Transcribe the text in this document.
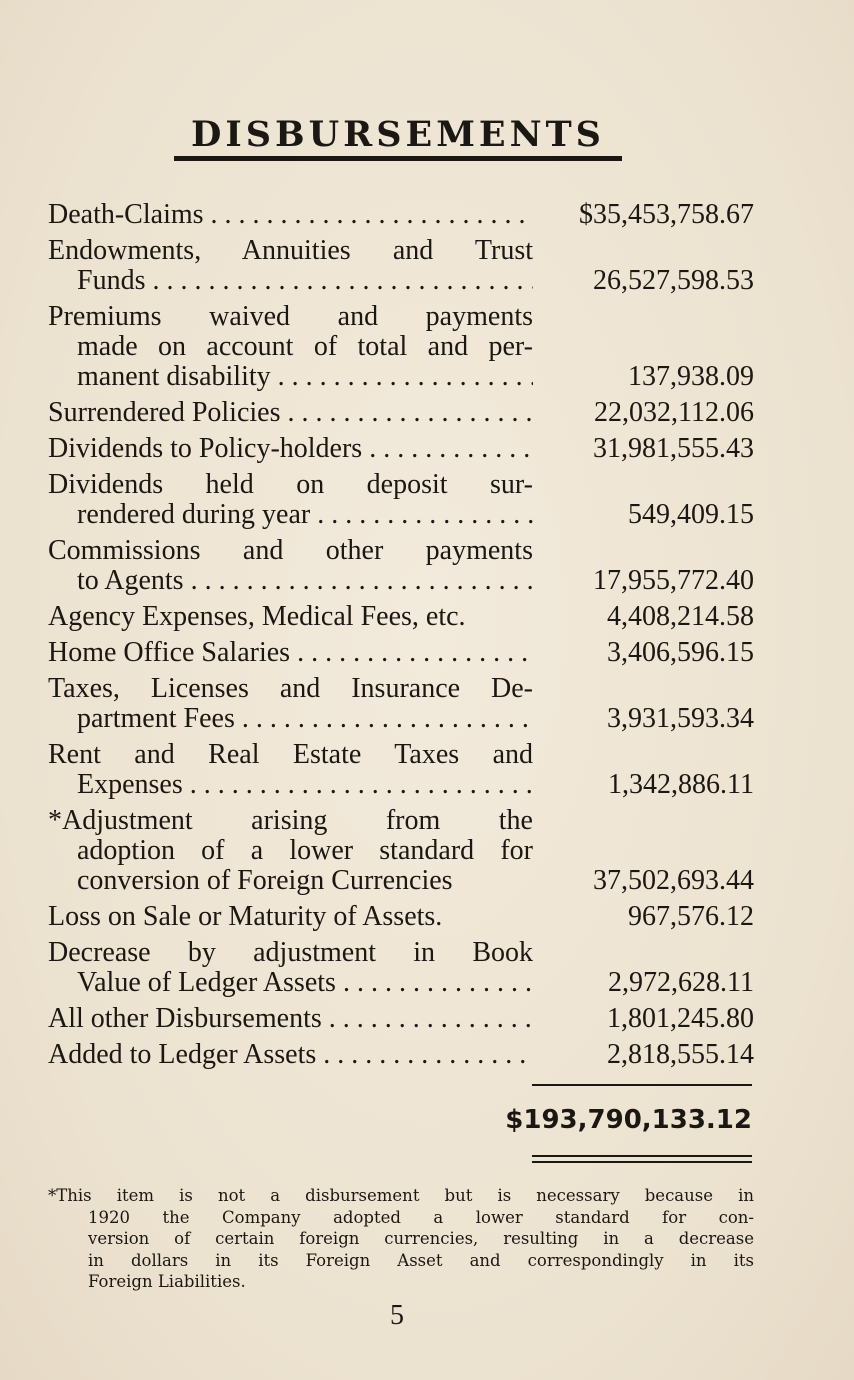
DISBURSEMENTS
Death-Claims . . .	$35,453,758.67
Endowments, Annuities and Trust
Funds . . .	26,527,598.53
Premiums waived and payments
made on account of total and per-
manent disability . . .	137,938.09
Surrendered Policies . . .	22,032,112.06
Dividends to Policy-holders . . .	31,981,555.43
Dividends held on deposit sur-
rendered during year . . .	549,409.15
Commissions and other payments
to Agents . . .	17,955,772.40
Agency Expenses, Medical Fees, etc.	4,408,214.58
Home Office Salaries . . .	3,406,596.15
Taxes, Licenses and Insurance De-
partment Fees . . .	3,931,593.34
Rent and Real Estate Taxes and
Expenses . . .	1,342,886.11
*Adjustment arising from the
adoption of a lower standard for
conversion of Foreign Currencies	37,502,693.44
Loss on Sale or Maturity of Assets.	967,576.12
Decrease by adjustment in Book
Value of Ledger Assets . . .	2,972,628.11
All other Disbursements . . .	1,801,245.80
Added to Ledger Assets . . .	2,818,555.14
$193,790,133.12
*This item is not a disbursement but is necessary because in
1920 the Company adopted a lower standard for con-
version of certain foreign currencies, resulting in a decrease
in dollars in its Foreign Asset and correspondingly in its
Foreign Liabilities.
5
